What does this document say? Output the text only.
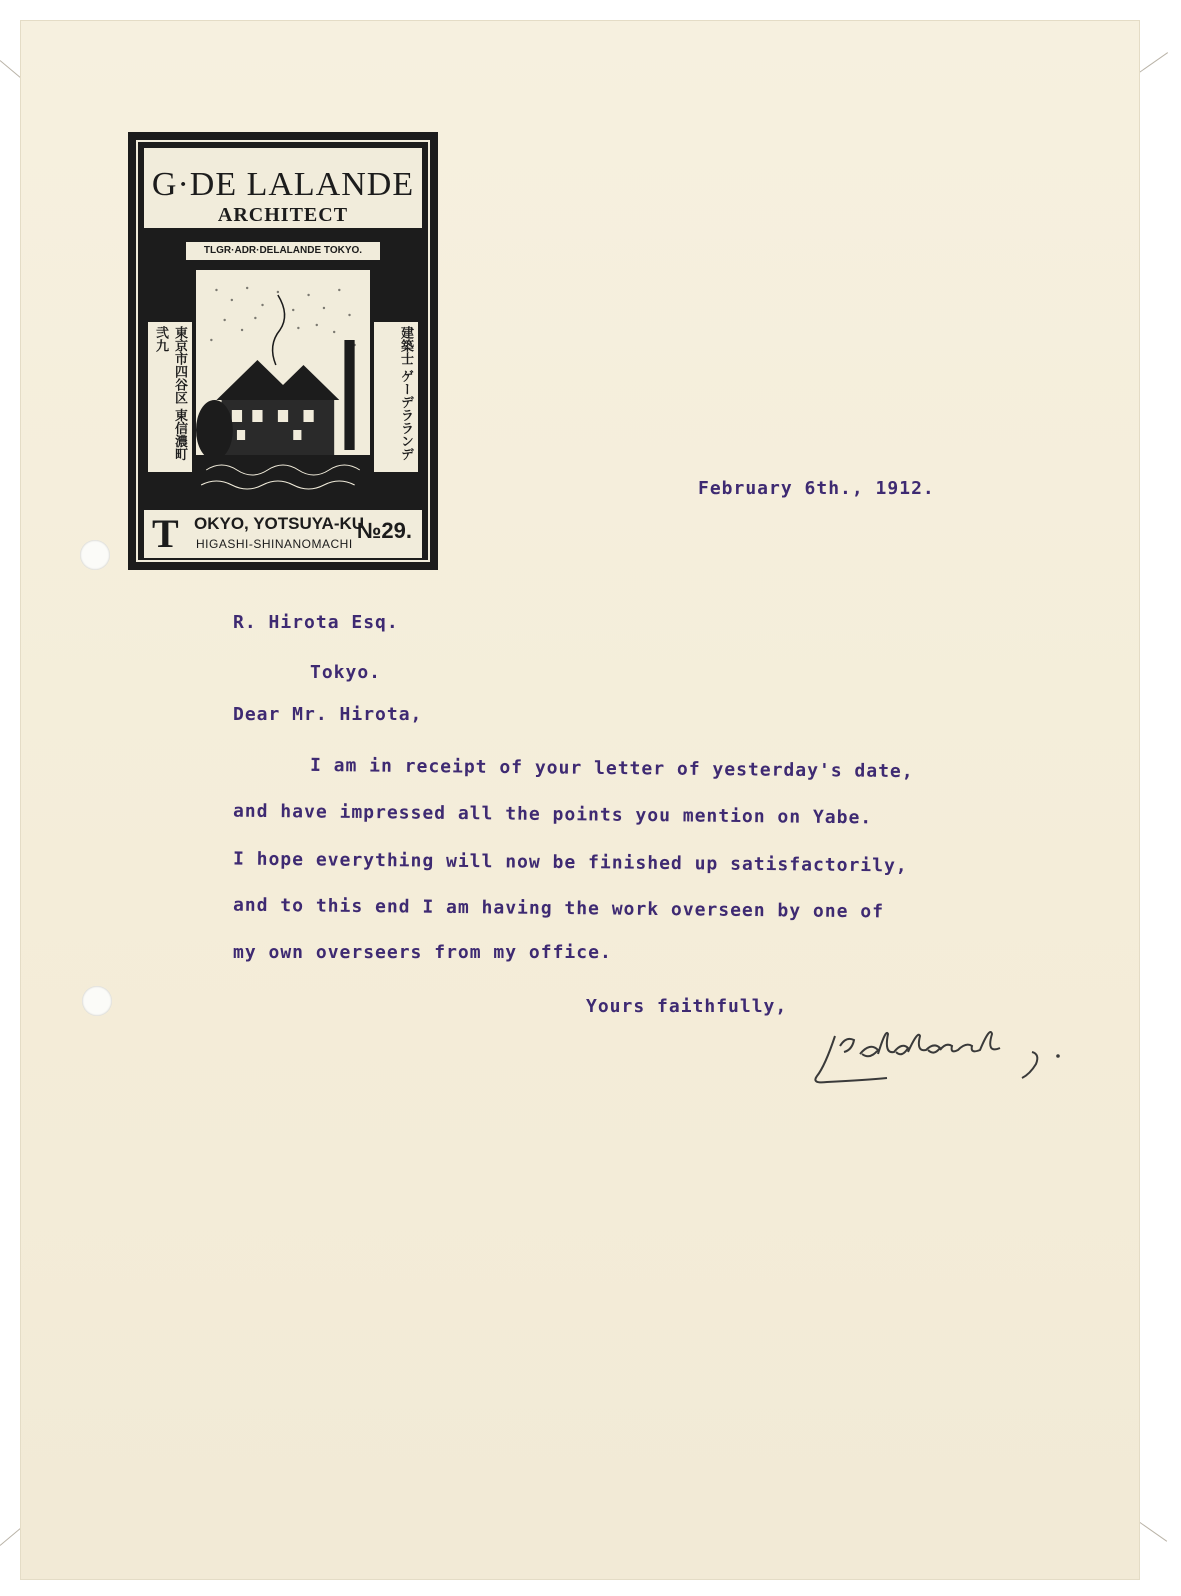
G·DE LALANDE
ARCHITECT
TLGR·ADR·DELALANDE TOKYO.
東京市四谷区 東信濃町弐九	建築士 ゲーデラランデ
T OKYO, YOTSUYA-KU
HIGASHI-SHINANOMACHI
№29.
February 6th., 1912.
R. Hirota Esq.
Tokyo.
Dear Mr. Hirota,
I am in receipt of your letter of yesterday's date,
and have impressed all the points you mention on Yabe.
I hope everything will now be finished up satisfactorily,
and to this end I am having the work overseen by one of
my own overseers from my office.
Yours faithfully,
